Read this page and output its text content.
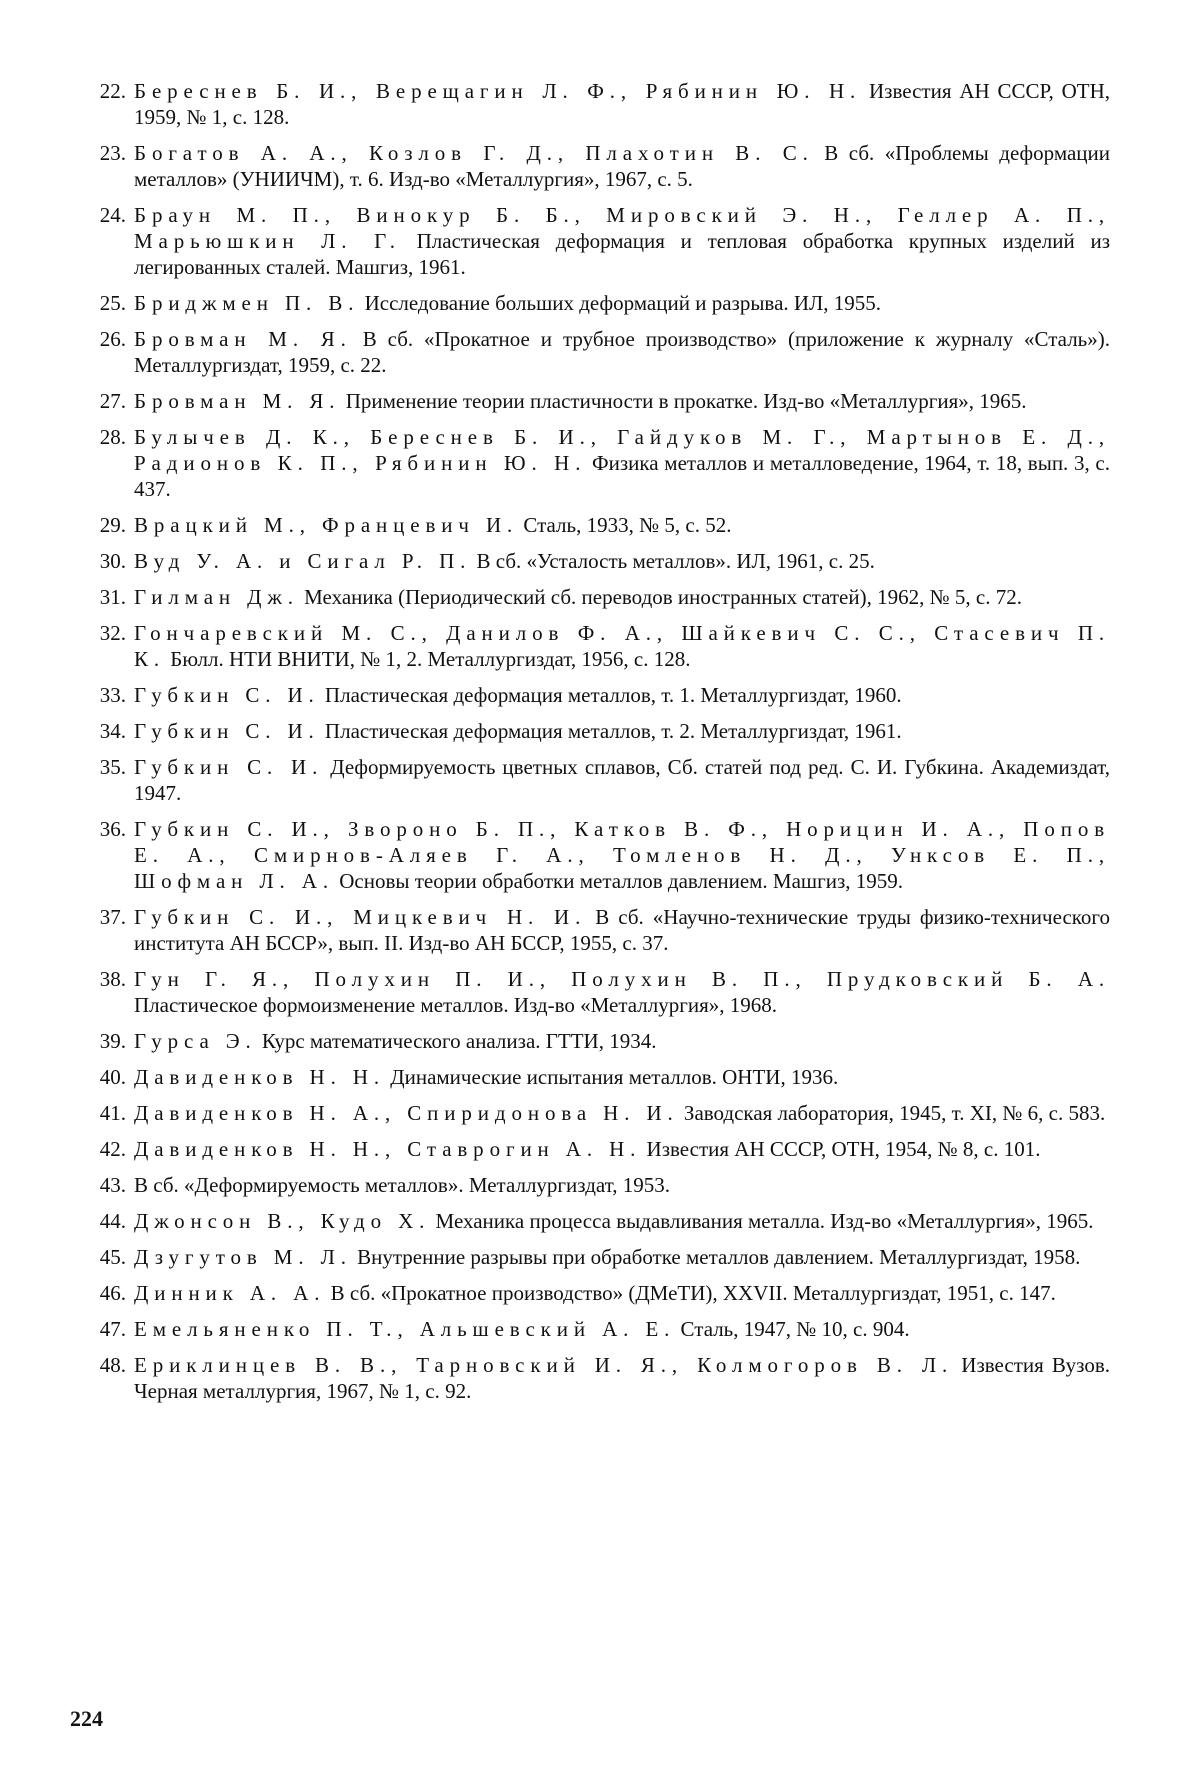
22. Береснев Б. И., Верещагин Л. Ф., Рябинин Ю. Н. Известия АН СССР, ОТН, 1959, № 1, с. 128.
23. Богатов А. А., Козлов Г. Д., Плахотин В. С. В сб. «Проблемы деформации металлов» (УНИИЧМ), т. 6. Изд-во «Металлургия», 1967, с. 5.
24. Браун М. П., Винокур Б. Б., Мировский Э. Н., Геллер А. П., Марьюшкин Л. Г. Пластическая деформация и тепловая обработка крупных изделий из легированных сталей. Машгиз, 1961.
25. Бриджмен П. В. Исследование больших деформаций и разрыва. ИЛ, 1955.
26. Бровман М. Я. В сб. «Прокатное и трубное производство» (приложение к журналу «Сталь»). Металлургиздат, 1959, с. 22.
27. Бровман М. Я. Применение теории пластичности в прокатке. Изд-во «Металлургия», 1965.
28. Булычев Д. К., Береснев Б. И., Гайдуков М. Г., Мартынов Е. Д., Радионов К. П., Рябинин Ю. Н. Физика металлов и металловедение, 1964, т. 18, вып. 3, с. 437.
29. Врацкий М., Францевич И. Сталь, 1933, № 5, с. 52.
30. Вуд У. А. и Сигал Р. П. В сб. «Усталость металлов». ИЛ, 1961, с. 25.
31. Гилман Дж. Механика (Периодический сб. переводов иностранных статей), 1962, № 5, с. 72.
32. Гончаревский М. С., Данилов Ф. А., Шайкевич С. С., Стасевич П. К. Бюлл. НТИ ВНИТИ, № 1, 2. Металлургиздат, 1956, с. 128.
33. Губкин С. И. Пластическая деформация металлов, т. 1. Металлургиздат, 1960.
34. Губкин С. И. Пластическая деформация металлов, т. 2. Металлургиздат, 1961.
35. Губкин С. И. Деформируемость цветных сплавов, Сб. статей под ред. С. И. Губкина. Академиздат, 1947.
36. Губкин С. И., Звороно Б. П., Катков В. Ф., Норицин И. А., Попов Е. А., Смирнов-Аляев Г. А., Томленов Н. Д., Унксов Е. П., Шофман Л. А. Основы теории обработки металлов давлением. Машгиз, 1959.
37. Губкин С. И., Мицкевич Н. И. В сб. «Научно-технические труды физико-технического института АН БССР», вып. II. Изд-во АН БССР, 1955, с. 37.
38. Гун Г. Я., Полухин П. И., Полухин В. П., Прудковский Б. А. Пластическое формоизменение металлов. Изд-во «Металлургия», 1968.
39. Гурса Э. Курс математического анализа. ГТТИ, 1934.
40. Давиденков Н. Н. Динамические испытания металлов. ОНТИ, 1936.
41. Давиденков Н. А., Спиридонова Н. И. Заводская лаборатория, 1945, т. XI, № 6, с. 583.
42. Давиденков Н. Н., Ставрогин А. Н. Известия АН СССР, ОТН, 1954, № 8, с. 101.
43. В сб. «Деформируемость металлов». Металлургиздат, 1953.
44. Джонсон В., Кудо Х. Механика процесса выдавливания металла. Изд-во «Металлургия», 1965.
45. Дзугутов М. Л. Внутренние разрывы при обработке металлов давлением. Металлургиздат, 1958.
46. Динник А. А. В сб. «Прокатное производство» (ДМеТИ), XXVII. Металлургиздат, 1951, с. 147.
47. Емельяненко П. Т., Альшевский А. Е. Сталь, 1947, № 10, с. 904.
48. Ериклинцев В. В., Тарновский И. Я., Колмогоров В. Л. Известия Вузов. Черная металлургия, 1967, № 1, с. 92.
224
